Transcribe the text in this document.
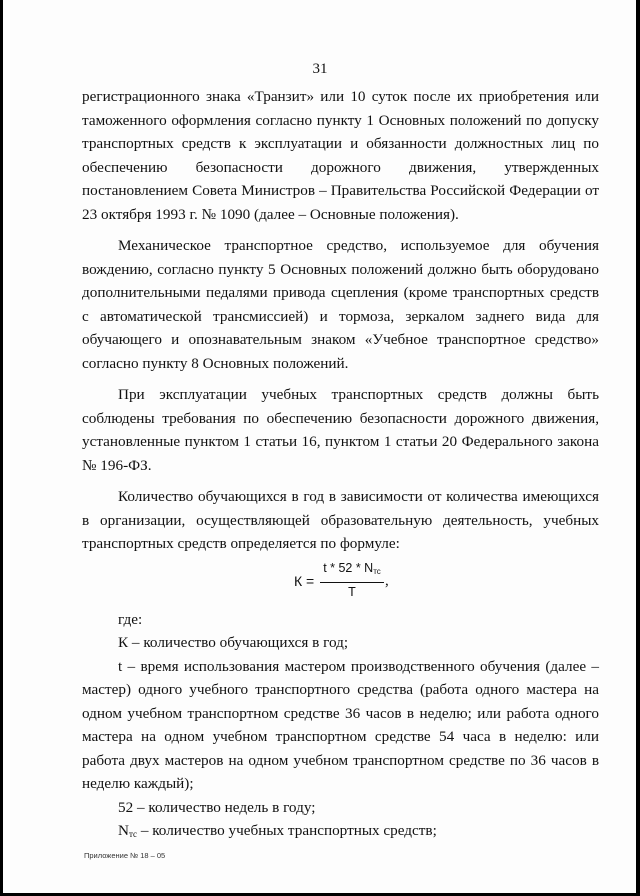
31

регистрационного знака «Транзит» или 10 суток после их приобретения или таможенного оформления согласно пункту 1 Основных положений по допуску транспортных средств к эксплуатации и обязанности должностных лиц по обеспечению безопасности дорожного движения, утвержденных постановлением Совета Министров – Правительства Российской Федерации от 23 октября 1993 г. № 1090 (далее – Основные положения).

Механическое транспортное средство, используемое для обучения вождению, согласно пункту 5 Основных положений должно быть оборудовано дополнительными педалями привода сцепления (кроме транспортных средств с автоматической трансмиссией) и тормоза, зеркалом заднего вида для обучающего и опознавательным знаком «Учебное транспортное средство» согласно пункту 8 Основных положений.

При эксплуатации учебных транспортных средств должны быть соблюдены требования по обеспечению безопасности дорожного движения, установленные пунктом 1 статьи 16, пунктом 1 статьи 20 Федерального закона № 196-ФЗ.

Количество обучающихся в год в зависимости от количества имеющихся в организации, осуществляющей образовательную деятельность, учебных транспортных средств определяется по формуле:

К =
t * $52 * N_{тс}$
T
,

где:

К – количество обучающихся в год;

t – время использования мастером производственного обучения (далее – мастер) одного учебного транспортного средства (работа одного мастера на одном учебном транспортном средстве 36 часов в неделю; или работа одного мастера на одном учебном транспортном средстве 54 часа в неделю: или работа двух мастеров на одном учебном транспортном средстве по 36 часов в неделю каждый);

52 – количество недель в году;

Nтс – количество учебных транспортных средств;

Приложение № 18 – 05
